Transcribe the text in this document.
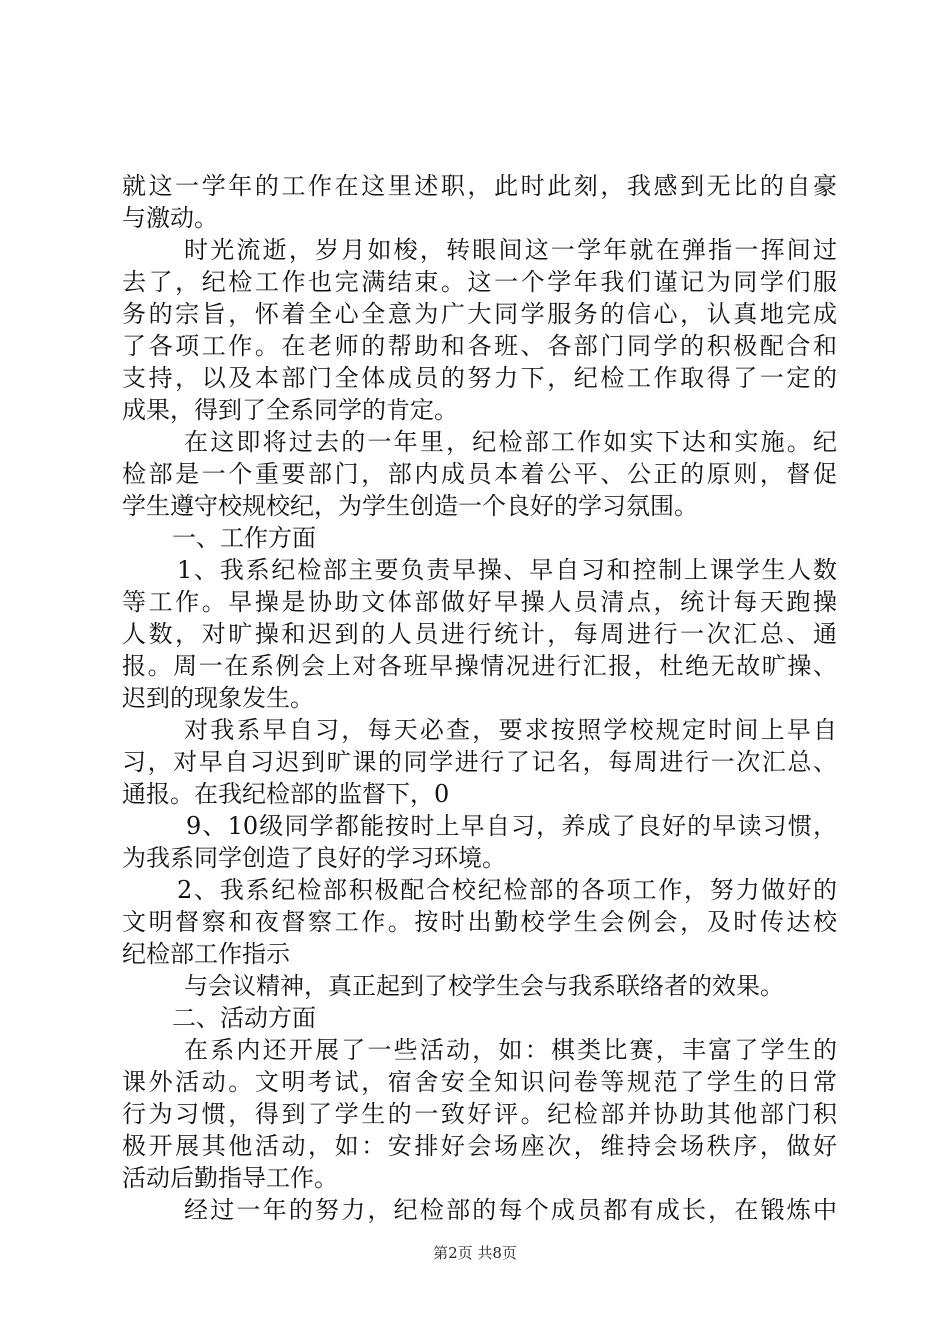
就这一学年的工作在这里述职，此时此刻，我感到无比的自豪
与激动。
时光流逝，岁月如梭，转眼间这一学年就在弹指一挥间过
去了，纪检工作也完满结束。这一个学年我们谨记为同学们服
务的宗旨，怀着全心全意为广大同学服务的信心，认真地完成
了各项工作。在老师的帮助和各班、各部门同学的积极配合和
支持，以及本部门全体成员的努力下，纪检工作取得了一定的
成果，得到了全系同学的肯定。
在这即将过去的一年里，纪检部工作如实下达和实施。纪
检部是一个重要部门，部内成员本着公平、公正的原则，督促
学生遵守校规校纪，为学生创造一个良好的学习氛围。
一、工作方面
1、我系纪检部主要负责早操、早自习和控制上课学生人数
等工作。早操是协助文体部做好早操人员清点，统计每天跑操
人数，对旷操和迟到的人员进行统计，每周进行一次汇总、通
报。周一在系例会上对各班早操情况进行汇报，杜绝无故旷操、
迟到的现象发生。
对我系早自习，每天必查，要求按照学校规定时间上早自
习，对早自习迟到旷课的同学进行了记名，每周进行一次汇总、
通报。在我纪检部的监督下，0
9、10级同学都能按时上早自习，养成了良好的早读习惯，
为我系同学创造了良好的学习环境。
2、我系纪检部积极配合校纪检部的各项工作，努力做好的
文明督察和夜督察工作。按时出勤校学生会例会，及时传达校
纪检部工作指示
与会议精神，真正起到了校学生会与我系联络者的效果。
二、活动方面
在系内还开展了一些活动，如：棋类比赛，丰富了学生的
课外活动。文明考试，宿舍安全知识问卷等规范了学生的日常
行为习惯，得到了学生的一致好评。纪检部并协助其他部门积
极开展其他活动，如：安排好会场座次，维持会场秩序，做好
活动后勤指导工作。
经过一年的努力，纪检部的每个成员都有成长，在锻炼中
第2页 共8页
